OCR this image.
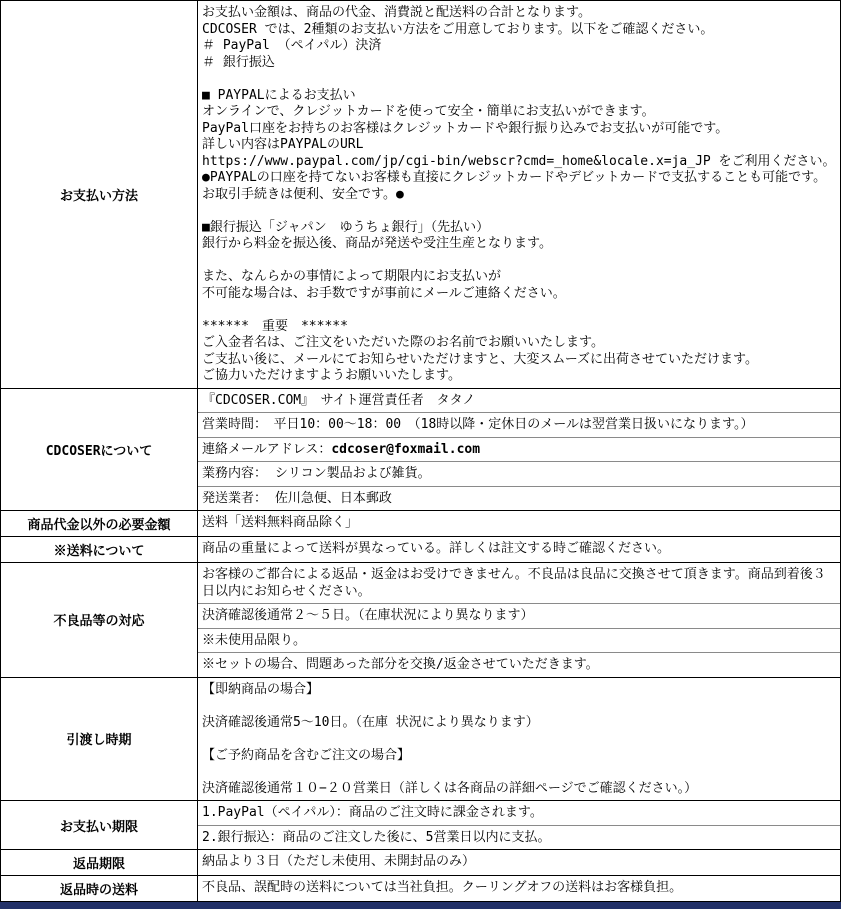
お支払い方法	
お支払い金額は、商品の代金、消費説と配送料の合計となります。
CDCOSER では、2種類のお支払い方法をご用意しております。以下をご確認ください。
＃ PayPal （ペイパル）決済
＃ 銀行振込
■ PAYPALによるお支払い
オンラインで、クレジットカードを使って安全・簡単にお支払いができます。
PayPal口座をお持ちのお客様はクレジットカードや銀行振り込みでお支払いが可能です。
詳しい内容はPAYPALのURL
https://www.paypal.com/jp/cgi-bin/webscr?cmd=_home&locale.x=ja_JP をご利用ください。
●PAYPALの口座を持てないお客様も直接にクレジットカードやデビットカードで支払することも可能です。
お取引手続きは便利、安全です。●
■銀行振込「ジャパン　ゆうちょ銀行」（先払い）
銀行から料金を振込後、商品が発送や受注生産となります。
また、なんらかの事情によって期限内にお支払いが
不可能な場合は、お手数ですが事前にメールご連絡ください。
******　重要　******
ご入金者名は、ご注文をいただいた際のお名前でお願いいたします。
ご支払い後に、メールにてお知らせいただけますと、大変スムーズに出荷させていただけます。
ご協力いただけますようお願いいたします。

CDCOSERについて	『CDCOSER.COM』　サイト運営責任者　タタノ
営業時間：　平日10：00〜18：00　（18時以降・定休日のメールは翌営業日扱いになります。）
連絡メールアドレス：cdcoser@foxmail.com
業務内容： シリコン製品および雑貨。
発送業者： 佐川急便、日本郵政

商品代金以外の必要金額	送料「送料無料商品除く」

※送料について	商品の重量によって送料が異なっている。詳しくは註文する時ご確認ください。

不良品等の対応	お客様のご都合による返品・返金はお受けできません。不良品は良品に交換させて頂きます。商品到着後３日以内にお知らせください。
決済確認後通常２〜５日。（在庫状況により異なります）
※未使用品限り。
※セットの場合、問題あった部分を交換/返金させていただきます。

引渡し時期	【即納商品の場合】
決済確認後通常5〜10日。（在庫 状況により異なります）
【ご予約商品を含むご注文の場合】
決済確認後通常１０−２０営業日（詳しくは各商品の詳細ページでご確認ください。）

お支払い期限	1.PayPal（ペイパル）：商品のご注文時に課金されます。
2.銀行振込：商品のご注文した後に、5営業日以内に支払。

返品期限	納品より３日（ただし未使用、未開封品のみ）

返品時の送料	不良品、誤配時の送料については当社負担。クーリングオフの送料はお客様負担。
